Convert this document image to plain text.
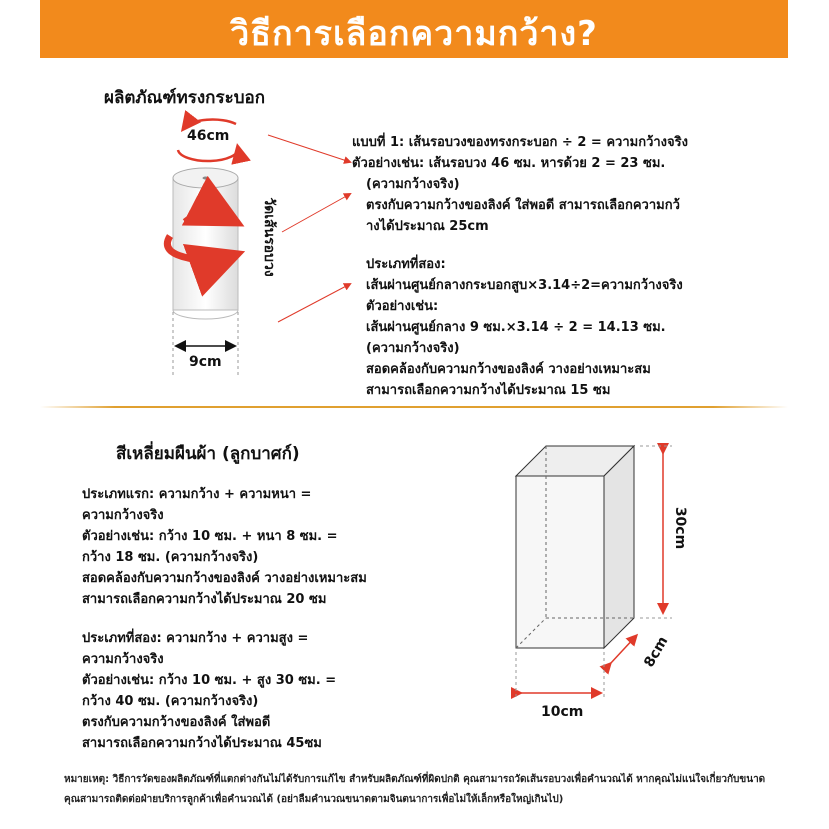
วิธีการเลือกความกว้าง?
ผลิตภัณฑ์ทรงกระบอก
46cm
9cm
วัดเส้นรอบวง
แบบที่ 1: เส้นรอบวงของทรงกระบอก ÷ 2 = ความกว้างจริง
ตัวอย่างเช่น: เส้นรอบวง 46 ซม. หารด้วย 2 = 23 ซม.
(ความกว้างจริง)
ตรงกับความกว้างของลิงค์ ใส่พอดี สามารถเลือกความกว้
างได้ประมาณ 25cm
ประเภทที่สอง:
เส้นผ่านศูนย์กลางกระบอกสูบ×3.14÷2=ความกว้างจริง
ตัวอย่างเช่น:
เส้นผ่านศูนย์กลาง 9 ซม.×3.14 ÷ 2 = 14.13 ซม.
(ความกว้างจริง)
สอดคล้องกับความกว้างของลิงค์ วางอย่างเหมาะสม
สามารถเลือกความกว้างได้ประมาณ 15 ซม
สีเหลี่ยมผืนผ้า (ลูกบาศก์)
ประเภทแรก: ความกว้าง + ความหนา =
ความกว้างจริง
ตัวอย่างเช่น: กว้าง 10 ซม. + หนา 8 ซม. =
กว้าง 18 ซม. (ความกว้างจริง)
สอดคล้องกับความกว้างของลิงค์ วางอย่างเหมาะสม
สามารถเลือกความกว้างได้ประมาณ 20 ซม
ประเภทที่สอง: ความกว้าง + ความสูง =
ความกว้างจริง
ตัวอย่างเช่น: กว้าง 10 ซม. + สูง 30 ซม. =
กว้าง 40 ซม. (ความกว้างจริง)
ตรงกับความกว้างของลิงค์ ใส่พอดี
สามารถเลือกความกว้างได้ประมาณ 45ซม
30cm
8cm
10cm
หมายเหตุ: วิธีการวัดของผลิตภัณฑ์ที่แตกต่างกันไม่ได้รับการแก้ไข สำหรับผลิตภัณฑ์ที่ผิดปกติ คุณสามารถวัดเส้นรอบวงเพื่อคำนวณได้ หากคุณไม่แน่ใจเกี่ยวกับขนาด คุณสามารถติดต่อฝ่ายบริการลูกค้าเพื่อคำนวณได้ (อย่าลืมคำนวณขนาดตามจินตนาการเพื่อไม่ให้เล็กหรือใหญ่เกินไป)
